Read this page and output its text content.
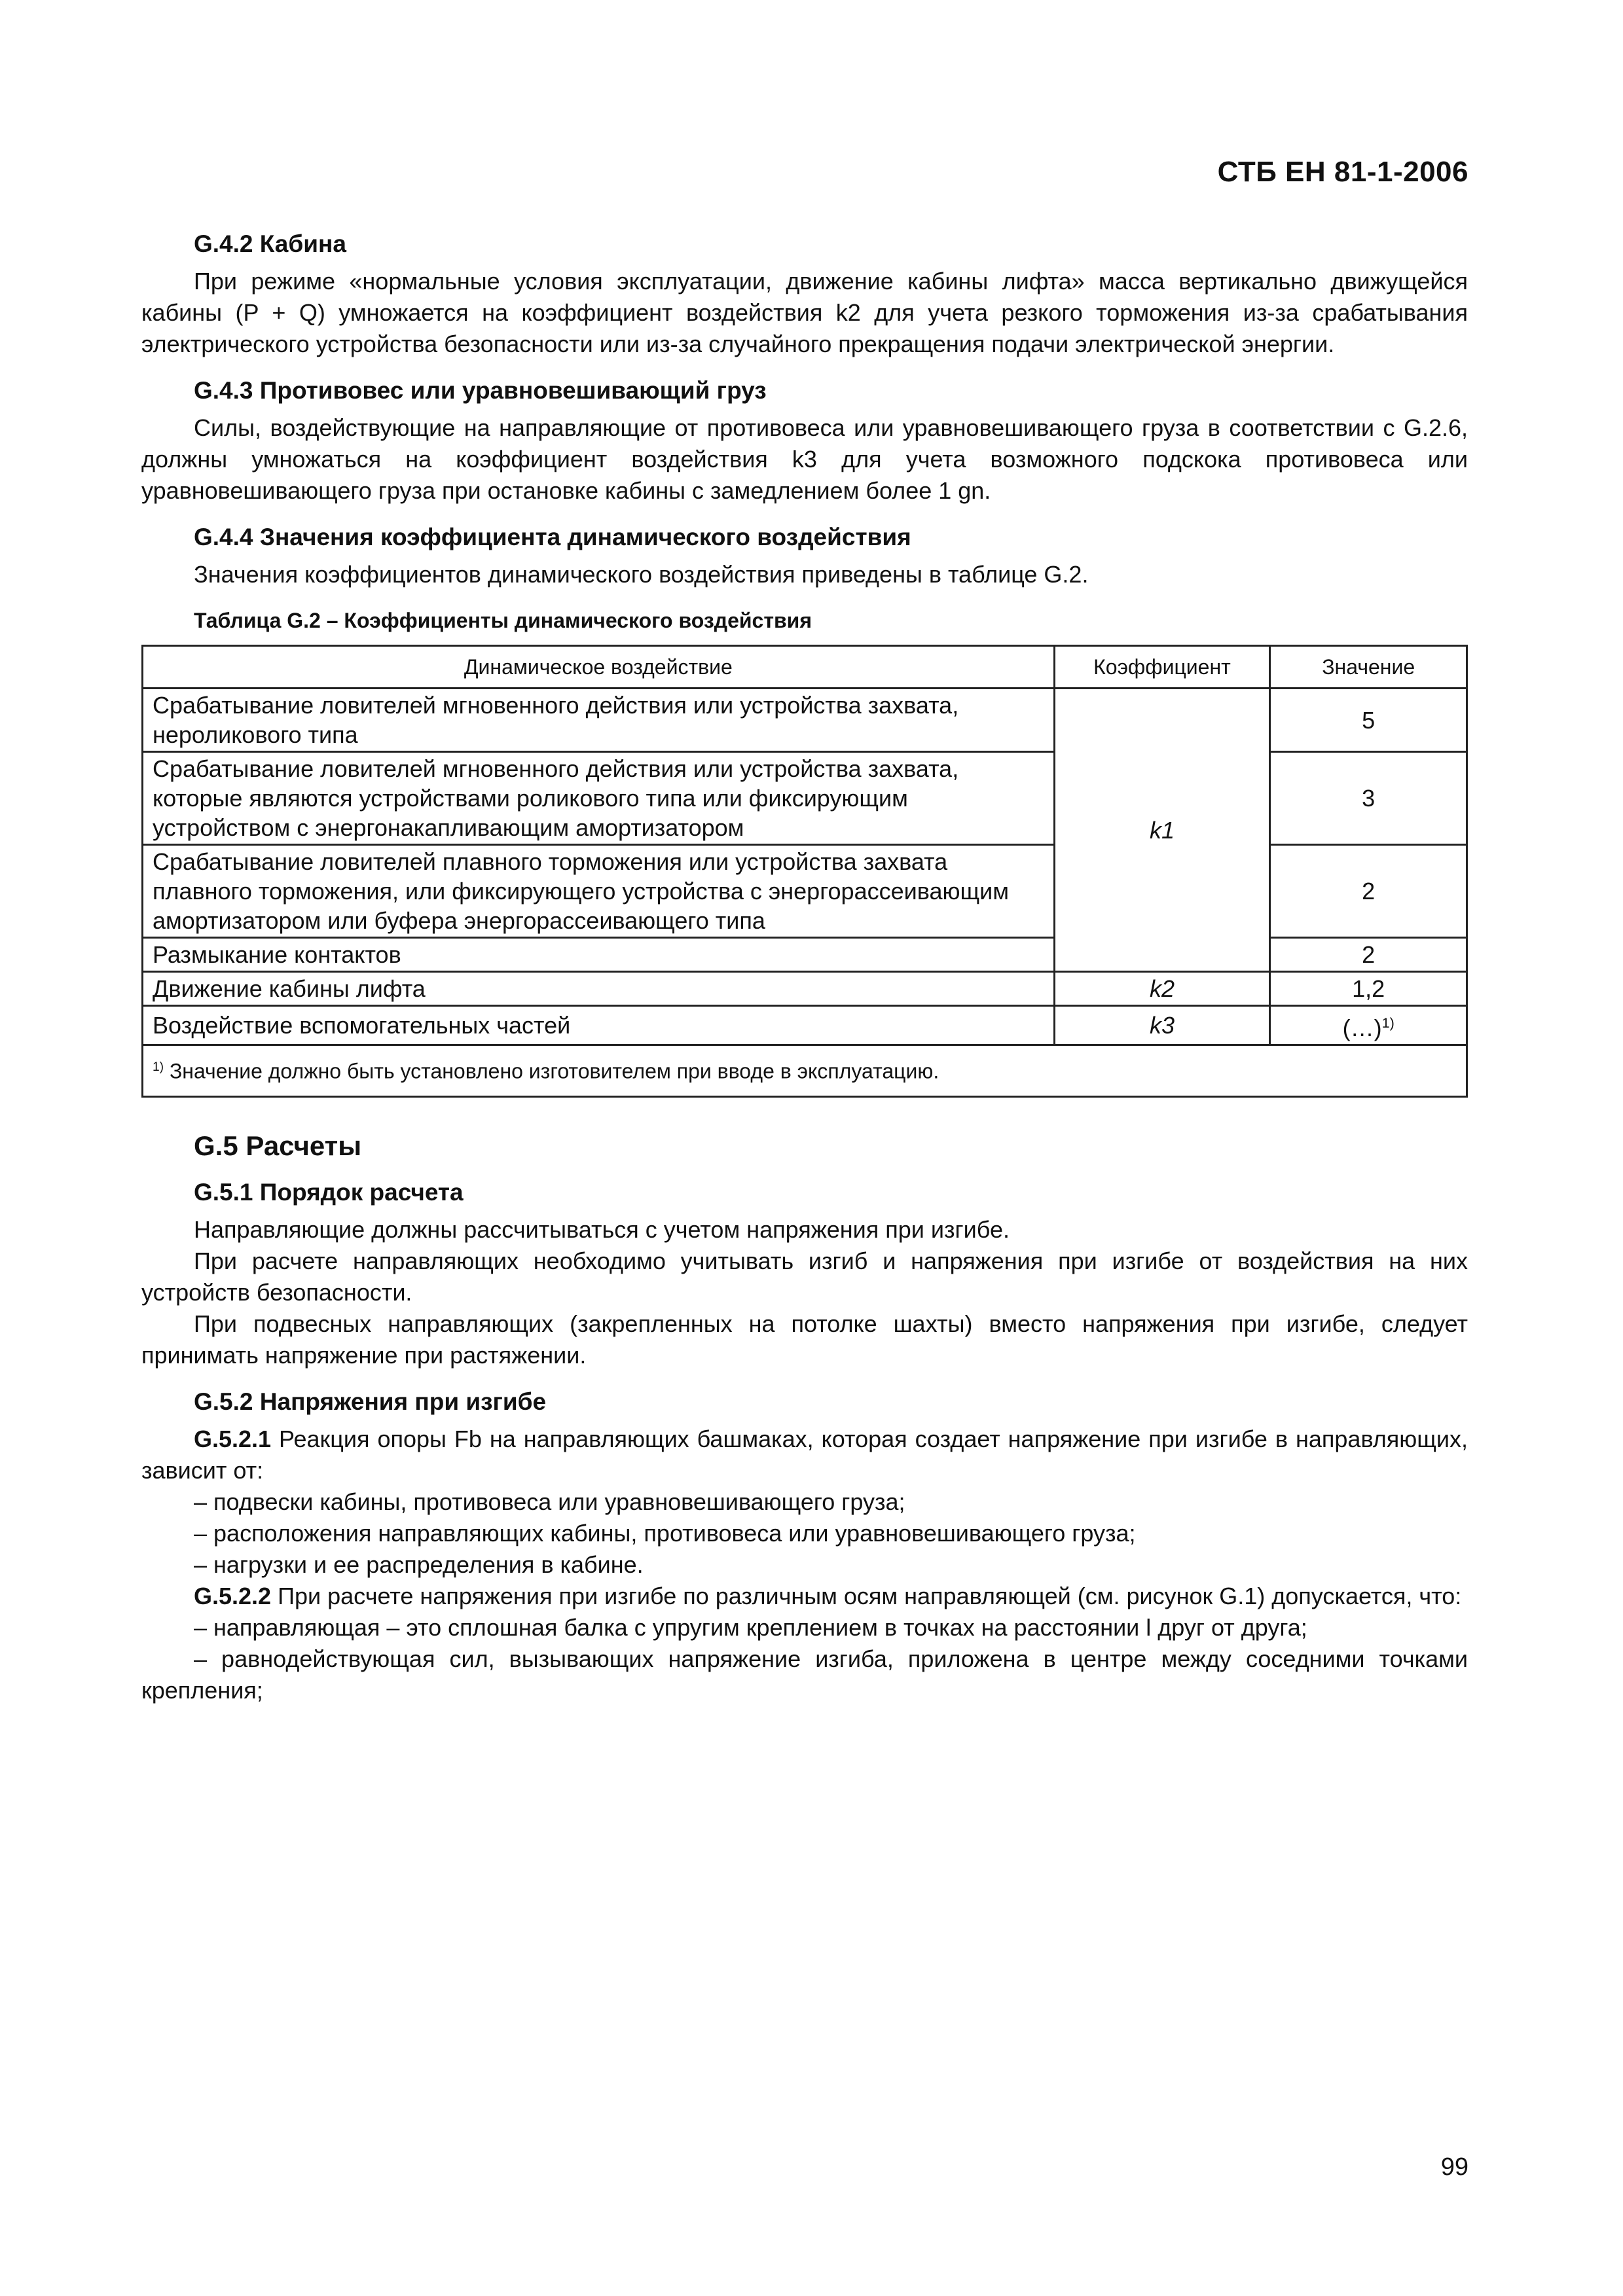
СТБ ЕН 81-1-2006
G.4.2 Кабина

При режиме «нормальные условия эксплуатации, движение кабины лифта» масса вертикально движущейся кабины (P + Q) умножается на коэффициент воздействия k2 для учета резкого торможения из-за срабатывания электрического устройства безопасности или из-за случайного прекращения подачи электрической энергии.

G.4.3 Противовес или уравновешивающий груз

Силы, воздействующие на направляющие от противовеса или уравновешивающего груза в соответствии с G.2.6, должны умножаться на коэффициент воздействия k3 для учета возможного подскока противовеса или уравновешивающего груза при остановке кабины с замедлением более 1 gn.

G.4.4 Значения коэффициента динамического воздействия

Значения коэффициентов динамического воздействия приведены в таблице G.2.

Таблица G.2 – Коэффициенты динамического воздействия
Динамическое воздействие	Коэффициент	Значение
Срабатывание ловителей мгновенного действия или устройства захвата, нероликового типа	k1	5
Срабатывание ловителей мгновенного действия или устройства захвата, которые являются устройствами роликового типа или фиксирующим устройством с энергонакапливающим амортизатором		3
Срабатывание ловителей плавного торможения или устройства захвата плавного торможения, или фиксирующего устройства с энергорассеивающим амортизатором или буфера энергорассеивающего типа		2
Размыкание контактов		2
Движение кабины лифта	k2	1,2
Воздействие вспомогательных частей	k3	(…)$^{1)}$
$^{1)}$ Значение должно быть установлено изготовителем при вводе в эксплуатацию.		
G.5 Расчеты
G.5.1 Порядок расчета

Направляющие должны рассчитываться с учетом напряжения при изгибе.

При расчете направляющих необходимо учитывать изгиб и напряжения при изгибе от воздействия на них устройств безопасности.

При подвесных направляющих (закрепленных на потолке шахты) вместо напряжения при изгибе, следует принимать напряжение при растяжении.

G.5.2 Напряжения при изгибе

G.5.2.1 Реакция опоры Fb на направляющих башмаках, которая создает напряжение при изгибе в направляющих, зависит от:

– подвески кабины, противовеса или уравновешивающего груза;

– расположения направляющих кабины, противовеса или уравновешивающего груза;

– нагрузки и ее распределения в кабине.

G.5.2.2 При расчете напряжения при изгибе по различным осям направляющей (см. рисунок G.1) допускается, что:

– направляющая – это сплошная балка с упругим креплением в точках на расстоянии l друг от друга;

– равнодействующая сил, вызывающих напряжение изгиба, приложена в центре между соседними точками крепления;

99
